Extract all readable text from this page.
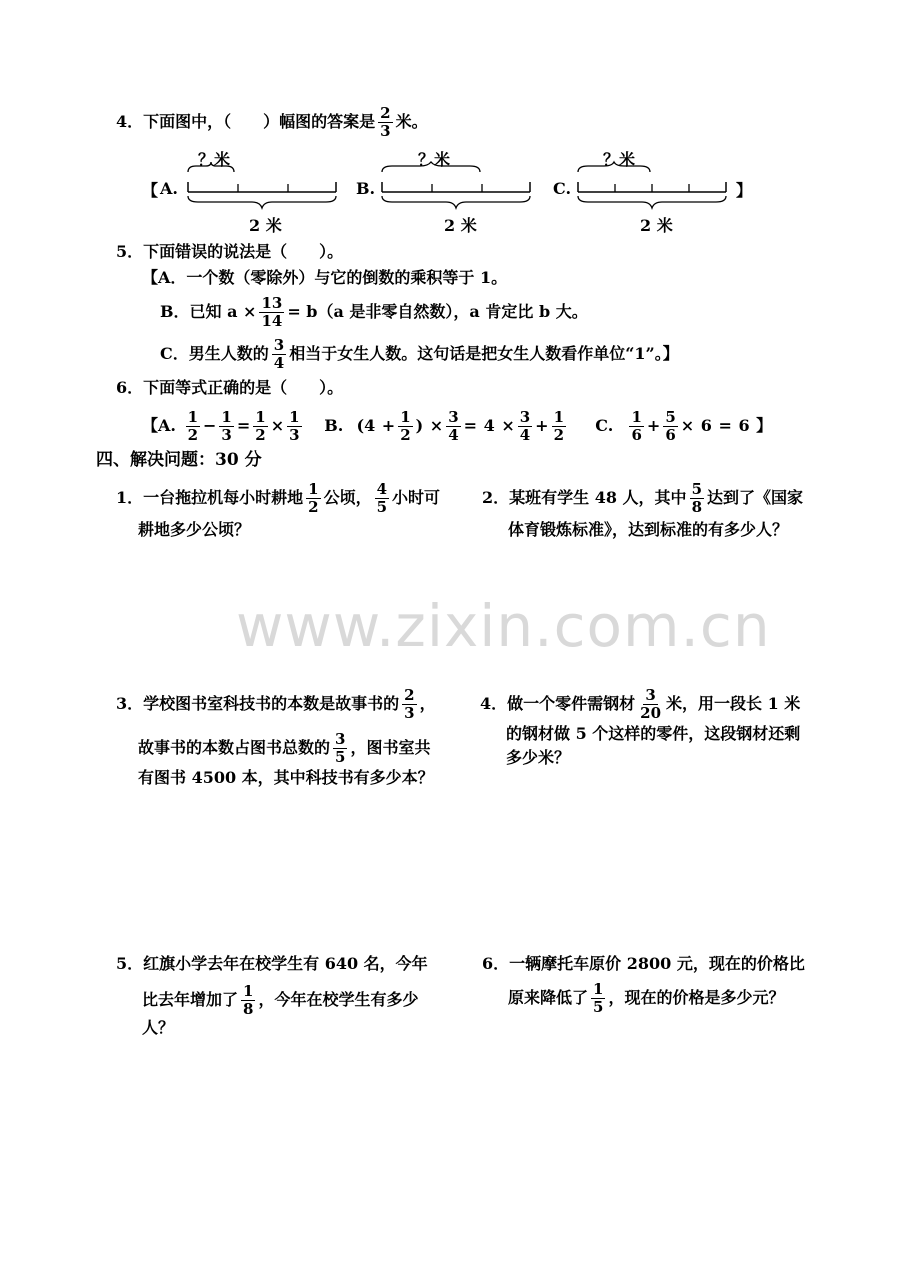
4．下面图中，（　　）幅图的答案是 $\frac{2}{3}$ 米。
【	】
A.
？米
2 米
B.
？米
2 米
C.
？米
2 米
5．下面错误的说法是（　　）。
【A．一个数（零除外）与它的倒数的乘积等于 1。
B．已知 $a \times \frac{13}{14} = b(a$ 是非零自然数），a 肯定比 b 大。
C．男生人数的 $\frac{3}{4}$ 相当于女生人数。这句话是把女生人数看作单位“1”。】
6．下面等式正确的是（　　）。
【A. $\frac{1}{2} - \frac{1}{3} = \frac{1}{2} \times \frac{1}{3} B$. ($4 + \frac{1}{2}$ ) × $\frac{3}{4} = 4 \times \frac{3}{4} + \frac{1}{2} C$. $\frac{1}{6} + \frac{5}{6} \times 6 = 6$ 】
四、解决问题：30 分
1．一台拖拉机每小时耕地 $\frac{1}{2}$ 公顷， $\frac{4}{5}$ 小时可
耕地多少公顷？
2．某班有学生 48 人，其中 $\frac{5}{8}$ 达到了《国家
体育锻炼标准》，达到标准的有多少人？
www.zixin.com.cn
3．学校图书室科技书的本数是故事书的 $\frac{2}{3}$ ，
故事书的本数占图书总数的 $\frac{3}{5}$ ，图书室共
有图书 4500 本，其中科技书有多少本？
4．做一个零件需钢材 $\frac{3}{20}$ 米，用一段长 1 米
的钢材做 5 个这样的零件，这段钢材还剩
多少米？
5．红旗小学去年在校学生有 640 名，今年
比去年增加了 $\frac{1}{8}$ ，今年在校学生有多少
人？
6．一辆摩托车原价 2800 元，现在的价格比
原来降低了 $\frac{1}{5}$ ，现在的价格是多少元？
